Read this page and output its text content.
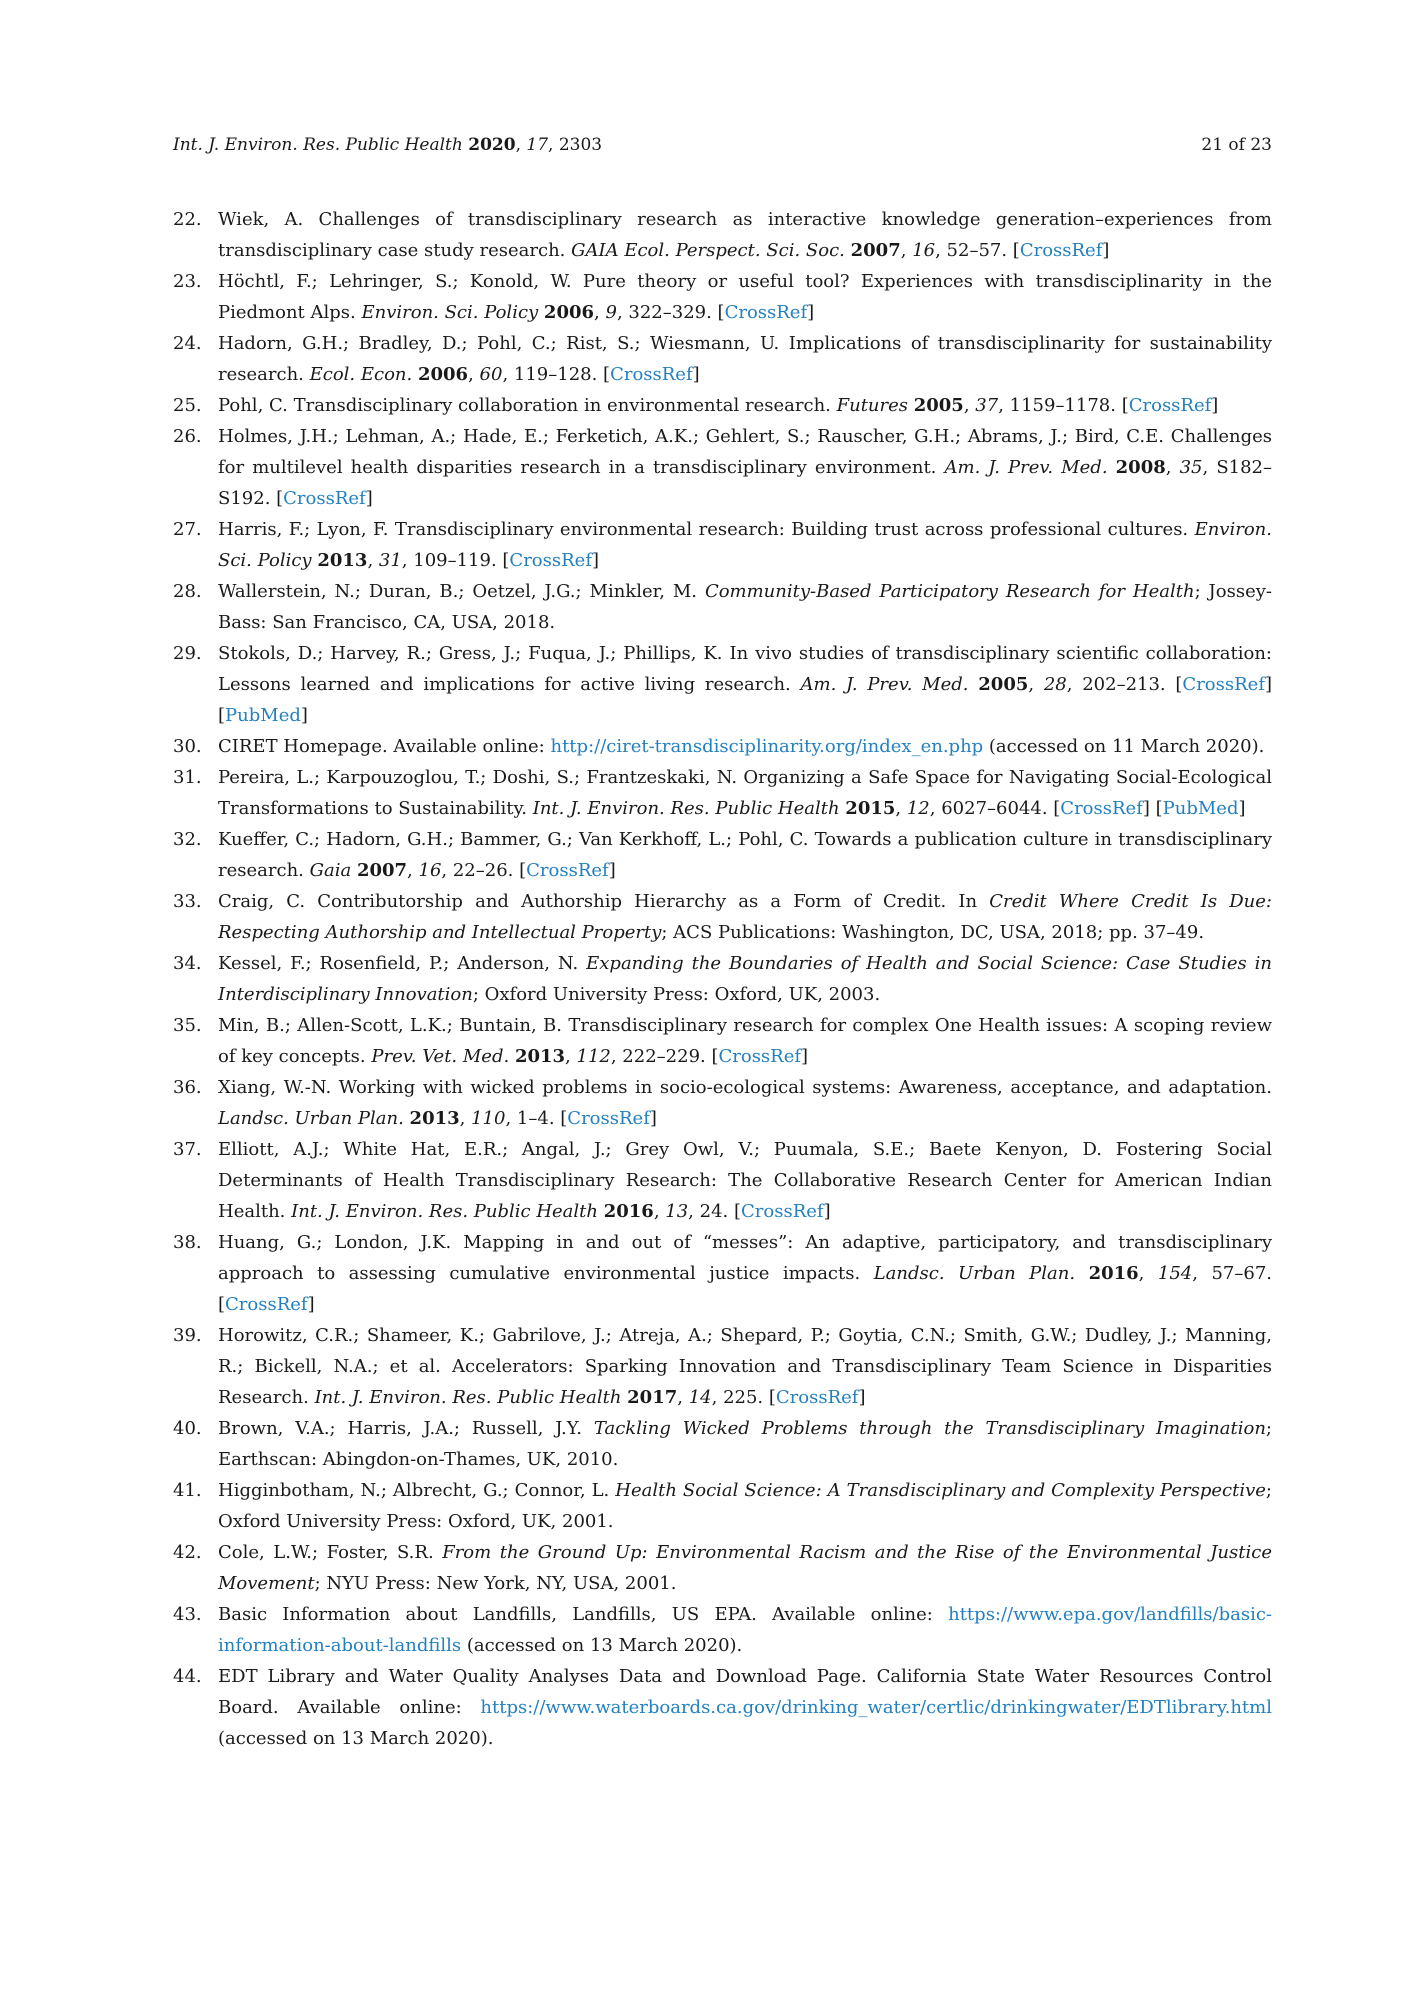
Int. J. Environ. Res. Public Health 2020, 17, 2303	21 of 23
22. Wiek, A. Challenges of transdisciplinary research as interactive knowledge generation–experiences from transdisciplinary case study research. GAIA Ecol. Perspect. Sci. Soc. 2007, 16, 52–57. [CrossRef]
23. Höchtl, F.; Lehringer, S.; Konold, W. Pure theory or useful tool? Experiences with transdisciplinarity in the Piedmont Alps. Environ. Sci. Policy 2006, 9, 322–329. [CrossRef]
24. Hadorn, G.H.; Bradley, D.; Pohl, C.; Rist, S.; Wiesmann, U. Implications of transdisciplinarity for sustainability research. Ecol. Econ. 2006, 60, 119–128. [CrossRef]
25. Pohl, C. Transdisciplinary collaboration in environmental research. Futures 2005, 37, 1159–1178. [CrossRef]
26. Holmes, J.H.; Lehman, A.; Hade, E.; Ferketich, A.K.; Gehlert, S.; Rauscher, G.H.; Abrams, J.; Bird, C.E. Challenges for multilevel health disparities research in a transdisciplinary environment. Am. J. Prev. Med. 2008, 35, S182–S192. [CrossRef]
27. Harris, F.; Lyon, F. Transdisciplinary environmental research: Building trust across professional cultures. Environ. Sci. Policy 2013, 31, 109–119. [CrossRef]
28. Wallerstein, N.; Duran, B.; Oetzel, J.G.; Minkler, M. Community-Based Participatory Research for Health; Jossey-Bass: San Francisco, CA, USA, 2018.
29. Stokols, D.; Harvey, R.; Gress, J.; Fuqua, J.; Phillips, K. In vivo studies of transdisciplinary scientific collaboration: Lessons learned and implications for active living research. Am. J. Prev. Med. 2005, 28, 202–213. [CrossRef] [PubMed]
30. CIRET Homepage. Available online: http://ciret-transdisciplinarity.org/index_en.php (accessed on 11 March 2020).
31. Pereira, L.; Karpouzoglou, T.; Doshi, S.; Frantzeskaki, N. Organizing a Safe Space for Navigating Social-Ecological Transformations to Sustainability. Int. J. Environ. Res. Public Health 2015, 12, 6027–6044. [CrossRef] [PubMed]
32. Kueffer, C.; Hadorn, G.H.; Bammer, G.; Van Kerkhoff, L.; Pohl, C. Towards a publication culture in transdisciplinary research. Gaia 2007, 16, 22–26. [CrossRef]
33. Craig, C. Contributorship and Authorship Hierarchy as a Form of Credit. In Credit Where Credit Is Due: Respecting Authorship and Intellectual Property; ACS Publications: Washington, DC, USA, 2018; pp. 37–49.
34. Kessel, F.; Rosenfield, P.; Anderson, N. Expanding the Boundaries of Health and Social Science: Case Studies in Interdisciplinary Innovation; Oxford University Press: Oxford, UK, 2003.
35. Min, B.; Allen-Scott, L.K.; Buntain, B. Transdisciplinary research for complex One Health issues: A scoping review of key concepts. Prev. Vet. Med. 2013, 112, 222–229. [CrossRef]
36. Xiang, W.-N. Working with wicked problems in socio-ecological systems: Awareness, acceptance, and adaptation. Landsc. Urban Plan. 2013, 110, 1–4. [CrossRef]
37. Elliott, A.J.; White Hat, E.R.; Angal, J.; Grey Owl, V.; Puumala, S.E.; Baete Kenyon, D. Fostering Social Determinants of Health Transdisciplinary Research: The Collaborative Research Center for American Indian Health. Int. J. Environ. Res. Public Health 2016, 13, 24. [CrossRef]
38. Huang, G.; London, J.K. Mapping in and out of “messes”: An adaptive, participatory, and transdisciplinary approach to assessing cumulative environmental justice impacts. Landsc. Urban Plan. 2016, 154, 57–67. [CrossRef]
39. Horowitz, C.R.; Shameer, K.; Gabrilove, J.; Atreja, A.; Shepard, P.; Goytia, C.N.; Smith, G.W.; Dudley, J.; Manning, R.; Bickell, N.A.; et al. Accelerators: Sparking Innovation and Transdisciplinary Team Science in Disparities Research. Int. J. Environ. Res. Public Health 2017, 14, 225. [CrossRef]
40. Brown, V.A.; Harris, J.A.; Russell, J.Y. Tackling Wicked Problems through the Transdisciplinary Imagination; Earthscan: Abingdon-on-Thames, UK, 2010.
41. Higginbotham, N.; Albrecht, G.; Connor, L. Health Social Science: A Transdisciplinary and Complexity Perspective; Oxford University Press: Oxford, UK, 2001.
42. Cole, L.W.; Foster, S.R. From the Ground Up: Environmental Racism and the Rise of the Environmental Justice Movement; NYU Press: New York, NY, USA, 2001.
43. Basic Information about Landfills, Landfills, US EPA. Available online: https://www.epa.gov/landfills/basic-information-about-landfills (accessed on 13 March 2020).
44. EDT Library and Water Quality Analyses Data and Download Page. California State Water Resources Control Board. Available online: https://www.waterboards.ca.gov/drinking_water/certlic/drinkingwater/EDTlibrary.html (accessed on 13 March 2020).
